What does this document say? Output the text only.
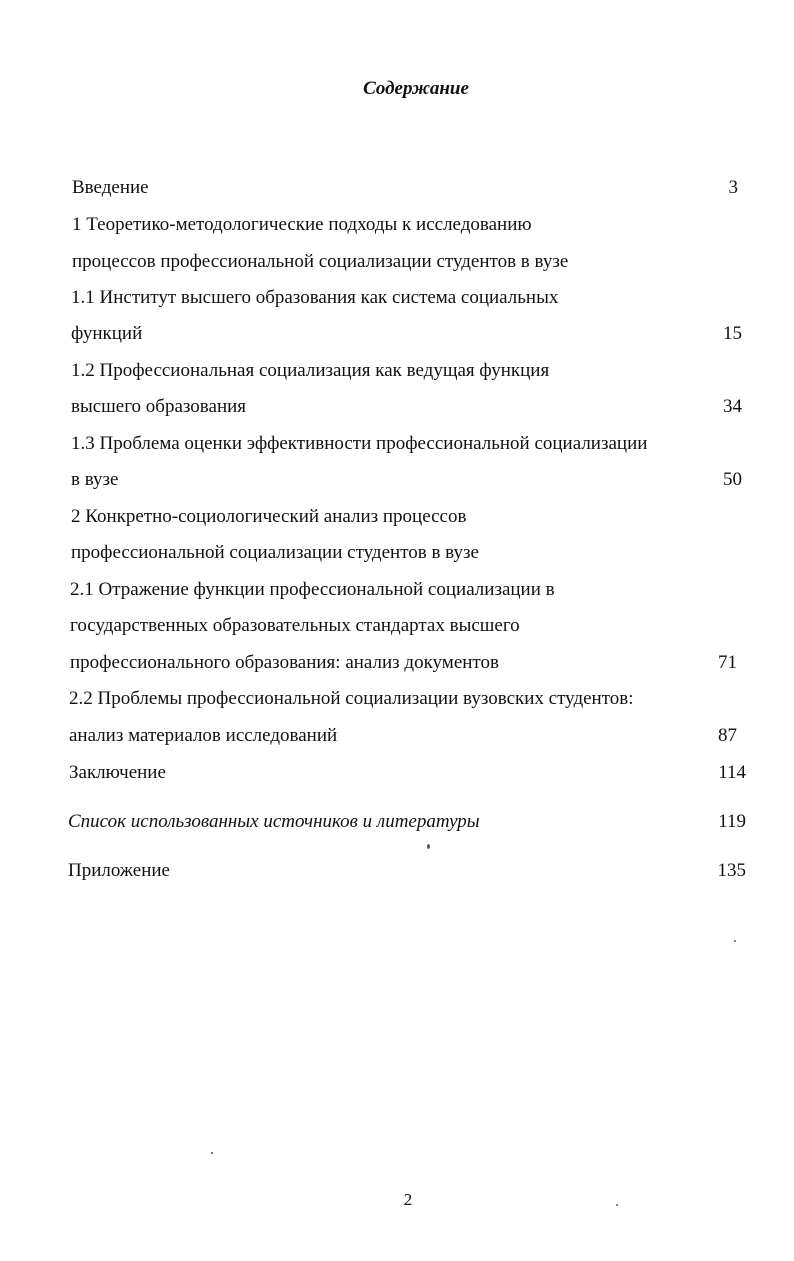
Содержание
Введение	3
1 Теоретико-методологические подходы к исследованию
процессов профессиональной социализации студентов в вузе
1.1 Институт высшего образования как система социальных
функций	15
1.2 Профессиональная социализация как ведущая функция
высшего образования	34
1.3 Проблема оценки эффективности профессиональной социализации
в вузе	50
2 Конкретно-социологический анализ процессов
профессиональной социализации студентов в вузе
2.1 Отражение функции профессиональной социализации в
государственных образовательных стандартах высшего
профессионального образования: анализ документов	71
2.2 Проблемы профессиональной социализации вузовских студентов:
анализ материалов исследований	87
Заключение	114
Список использованных источников и литературы	119
Приложение	135
2
